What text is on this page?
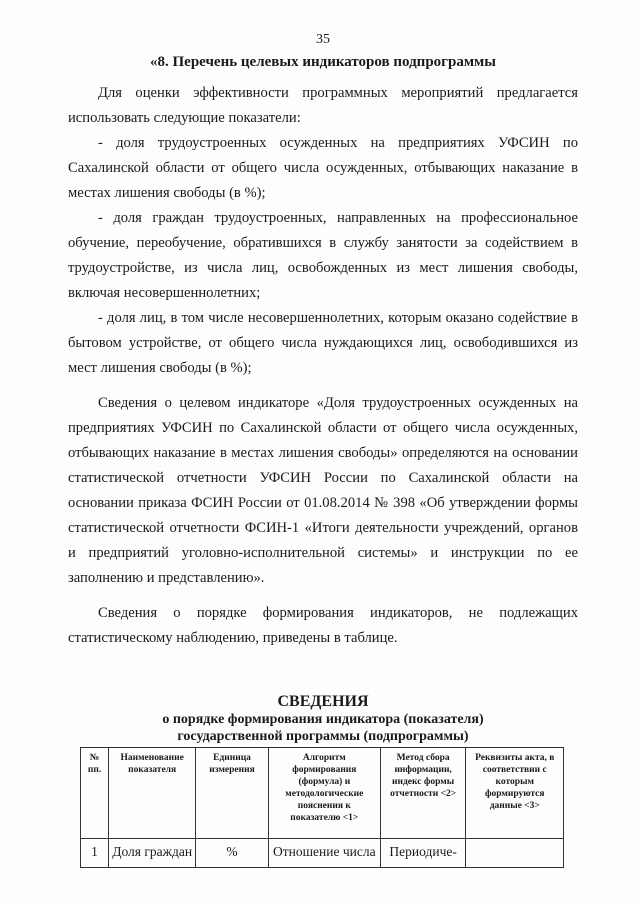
35
«8. Перечень целевых индикаторов подпрограммы

Для оценки эффективности программных мероприятий предлагается использовать следующие показатели:

- доля трудоустроенных осужденных на предприятиях УФСИН по Сахалинской области от общего числа осужденных, отбывающих наказание в местах лишения свободы (в %);

- доля граждан трудоустроенных, направленных на профессиональное обучение, переобучение, обратившихся в службу занятости за содействием в трудоустройстве, из числа лиц, освобожденных из мест лишения свободы, включая несовершеннолетних;

- доля лиц, в том числе несовершеннолетних, которым оказано содействие в бытовом устройстве, от общего числа нуждающихся лиц, освободившихся из мест лишения свободы (в %);

Сведения о целевом индикаторе «Доля трудоустроенных осужденных на предприятиях УФСИН по Сахалинской области от общего числа осужденных, отбывающих наказание в местах лишения свободы» определяются на основании статистической отчетности УФСИН России по Сахалинской области на основании приказа ФСИН России от 01.08.2014 № 398 «Об утверждении формы статистической отчетности ФСИН-1 «Итоги деятельности учреждений, органов и предприятий уголовно-исполнительной системы» и инструкции по ее заполнению и представлению».

Сведения о порядке формирования индикаторов, не подлежащих статистическому наблюдению, приведены в таблице.

СВЕДЕНИЯ
о порядке формирования индикатора (показателя)
государственной программы (подпрограммы)
№ пп.	Наименование показателя	Единица измерения	Алгоритм формирования (формула) и методологические пояснения к показателю <1>	Метод сбора информации, индекс формы отчетности <2>	Реквизиты акта, в соответствии с которым формируются данные <3>
1	Доля граждан	%	Отношение числа	Периодиче-	
